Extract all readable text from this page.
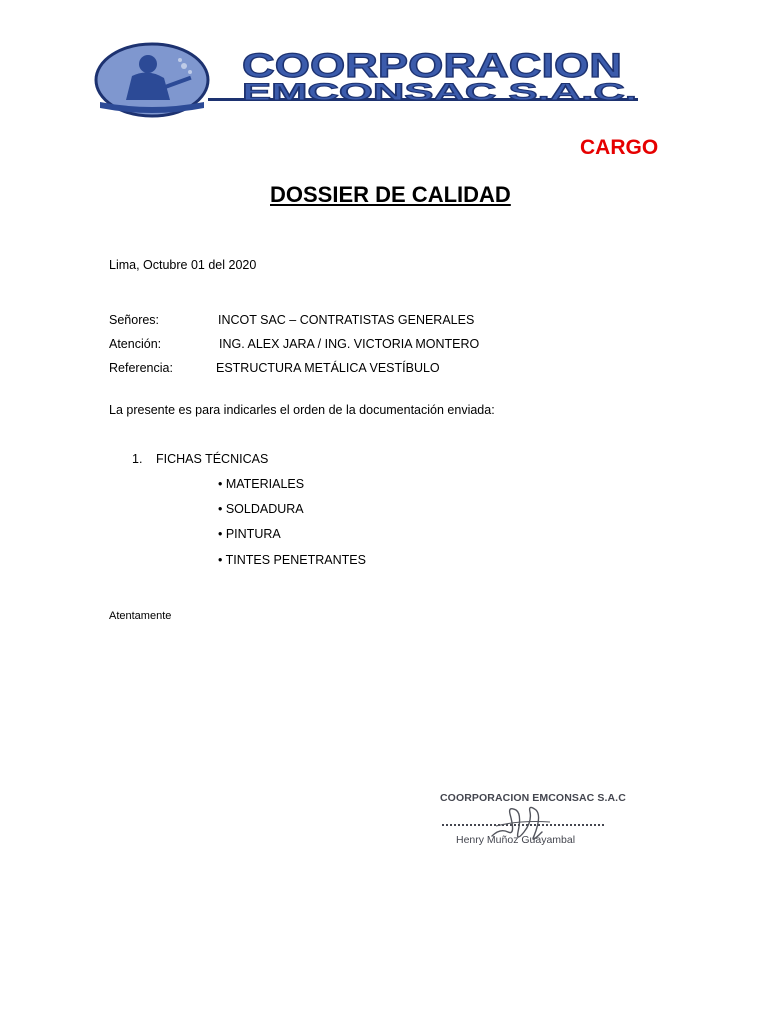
COORPORACION
EMCONSAC S.A.C.
CARGO
DOSSIER DE CALIDAD
Lima, Octubre 01 del 2020
Señores:	INCOT SAC – CONTRATISTAS GENERALES
Atención:	ING. ALEX JARA / ING. VICTORIA MONTERO
Referencia:	ESTRUCTURA METÁLICA VESTÍBULO
La presente es para indicarles el orden de la documentación enviada:
1. FICHAS TÉCNICAS
• MATERIALES
• SOLDADURA
• PINTURA
• TINTES PENETRANTES
Atentamente
COORPORACION EMCONSAC S.A.C
Henry Muñoz Guayambal
